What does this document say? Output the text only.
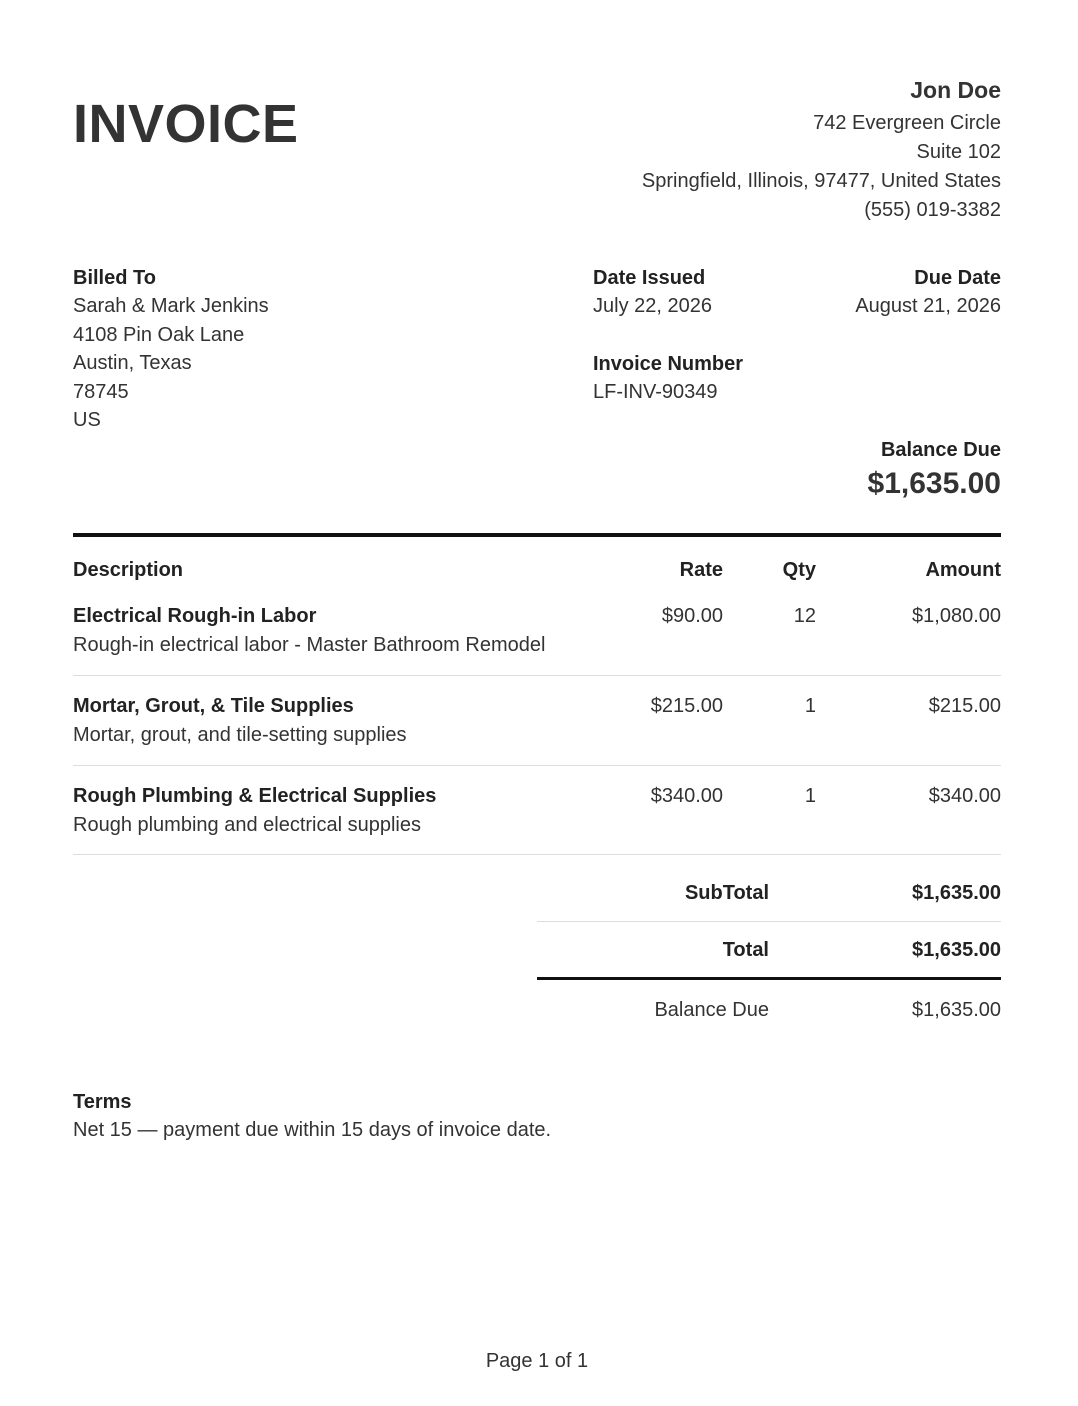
INVOICE
Jon Doe
742 Evergreen Circle
Suite 102
Springfield, Illinois, 97477, United States
(555) 019-3382
Billed To
Sarah & Mark Jenkins
4108 Pin Oak Lane
Austin, Texas
78745
US
Date Issued
July 22, 2026
Invoice Number
LF-INV-90349
Due Date
August 21, 2026
Balance Due
$1,635.00
Description	Rate	Qty	Amount
Electrical Rough-in Labor
Rough-in electrical labor - Master Bathroom Remodel
$90.00	12	$1,080.00
Mortar, Grout, & Tile Supplies
Mortar, grout, and tile-setting supplies
$215.00	1	$215.00
Rough Plumbing & Electrical Supplies
Rough plumbing and electrical supplies
$340.00	1	$340.00
SubTotal	$1,635.00
Total	$1,635.00
Balance Due	$1,635.00
Terms
Net 15 — payment due within 15 days of invoice date.
Page 1 of 1
